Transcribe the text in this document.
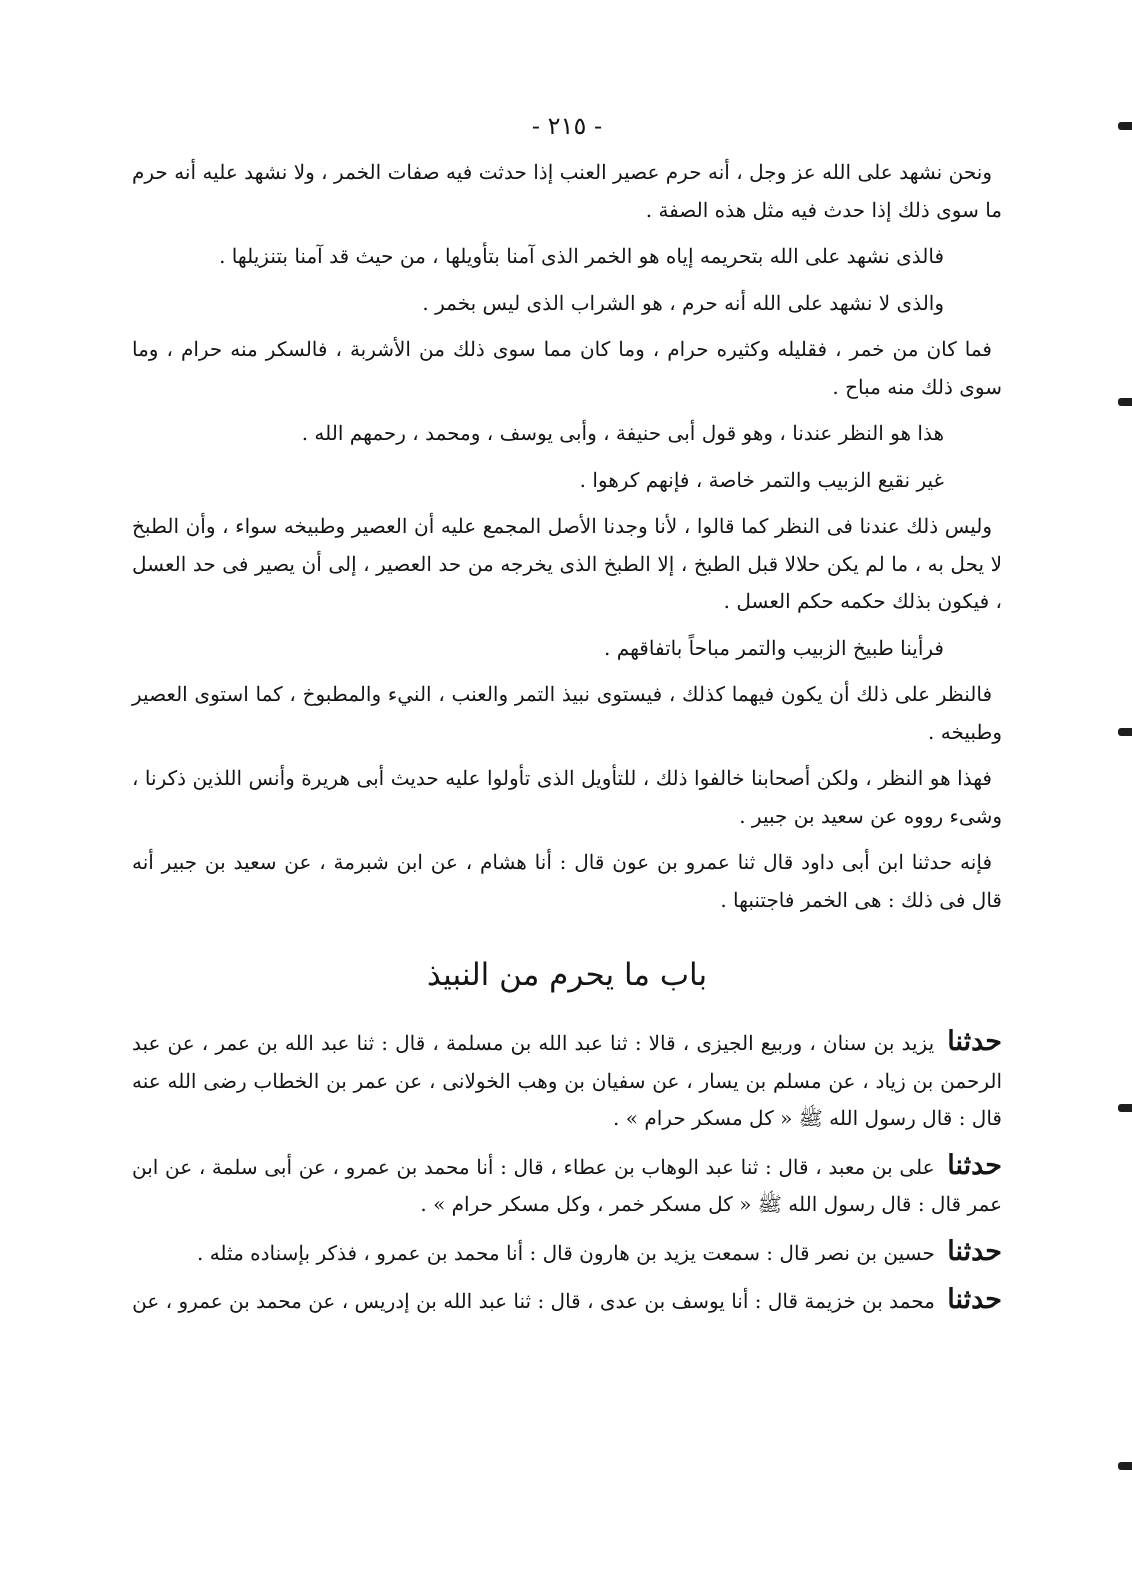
- ٢١٥ -

ونحن نشهد على الله عز وجل ، أنه حرم عصير العنب إذا حدثت فيه صفات الخمر ، ولا نشهد عليه أنه حرم ما سوى ذلك إذا حدث فيه مثل هذه الصفة .

فالذى نشهد على الله بتحريمه إياه هو الخمر الذى آمنا بتأويلها ، من حيث قد آمنا بتنزيلها .

والذى لا نشهد على الله أنه حرم ، هو الشراب الذى ليس بخمر .

فما كان من خمر ، فقليله وكثيره حرام ، وما كان مما سوى ذلك من الأشربة ، فالسكر منه حرام ، وما سوى ذلك منه مباح .

هذا هو النظر عندنا ، وهو قول أبى حنيفة ، وأبى يوسف ، ومحمد ، رحمهم الله .

غير نقيع الزبيب والتمر خاصة ، فإنهم كرهوا .

وليس ذلك عندنا فى النظر كما قالوا ، لأنا وجدنا الأصل المجمع عليه أن العصير وطبيخه سواء ، وأن الطبخ لا يحل به ، ما لم يكن حلالا قبل الطبخ ، إلا الطبخ الذى يخرجه من حد العصير ، إلى أن يصير فى حد العسل ، فيكون بذلك حكمه حكم العسل .

فرأينا طبيخ الزبيب والتمر مباحاً باتفاقهم .

فالنظر على ذلك أن يكون فيهما كذلك ، فيستوى نبيذ التمر والعنب ، النيء والمطبوخ ، كما استوى العصير وطبيخه .

فهذا هو النظر ، ولكن أصحابنا خالفوا ذلك ، للتأويل الذى تأولوا عليه حديث أبى هريرة وأنس اللذين ذكرنا ، وشىء رووه عن سعيد بن جبير .

فإنه حدثنا ابن أبى داود قال ثنا عمرو بن عون قال : أنا هشام ، عن ابن شبرمة ، عن سعيد بن جبير أنه قال فى ذلك : هى الخمر فاجتنبها .

باب ما يحرم من النبيذ

حدثنا يزيد بن سنان ، وربيع الجيزى ، قالا : ثنا عبد الله بن مسلمة ، قال : ثنا عبد الله بن عمر ، عن عبد الرحمن بن زياد ، عن مسلم بن يسار ، عن سفيان بن وهب الخولانى ، عن عمر بن الخطاب رضى الله عنه قال : قال رسول الله ﷺ « كل مسكر حرام » .

حدثنا على بن معبد ، قال : ثنا عبد الوهاب بن عطاء ، قال : أنا محمد بن عمرو ، عن أبى سلمة ، عن ابن عمر قال : قال رسول الله ﷺ « كل مسكر خمر ، وكل مسكر حرام » .

حدثنا حسين بن نصر قال : سمعت يزيد بن هارون قال : أنا محمد بن عمرو ، فذكر بإسناده مثله .

حدثنا محمد بن خزيمة قال : أنا يوسف بن عدى ، قال : ثنا عبد الله بن إدريس ، عن محمد بن عمرو ، عن
